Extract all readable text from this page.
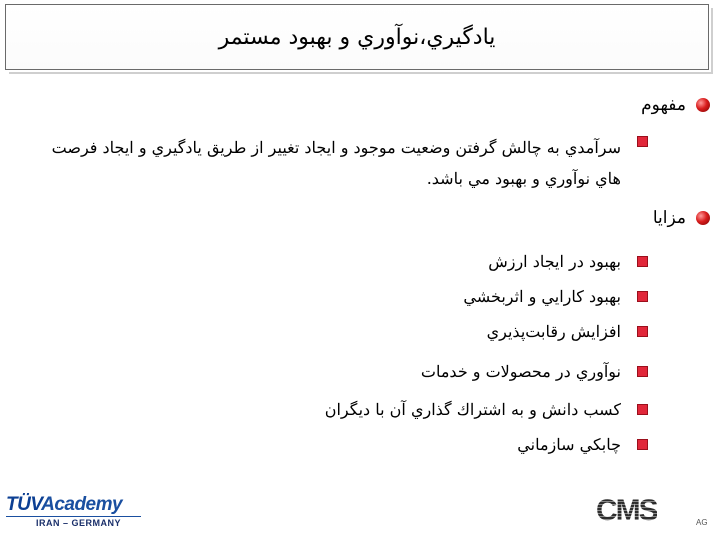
يادگيري،نوآوري و بهبود مستمر
مفهوم
سرآمدي به چالش گرفتن وضعيت موجود و ايجاد تغيير از طريق يادگيري و ايجاد فرصت هاي نوآوري و بهبود مي باشد.
مزايا
بهبود در ايجاد ارزش
بهبود كارايي و اثربخشي
افزايش رقابت‌پذيري
نوآوري در محصولات و خدمات
كسب دانش و به اشتراك گذاري آن با ديگران
چابكي سازماني
TÜVAcademy
IRAN – GERMANY	CMS	AG
